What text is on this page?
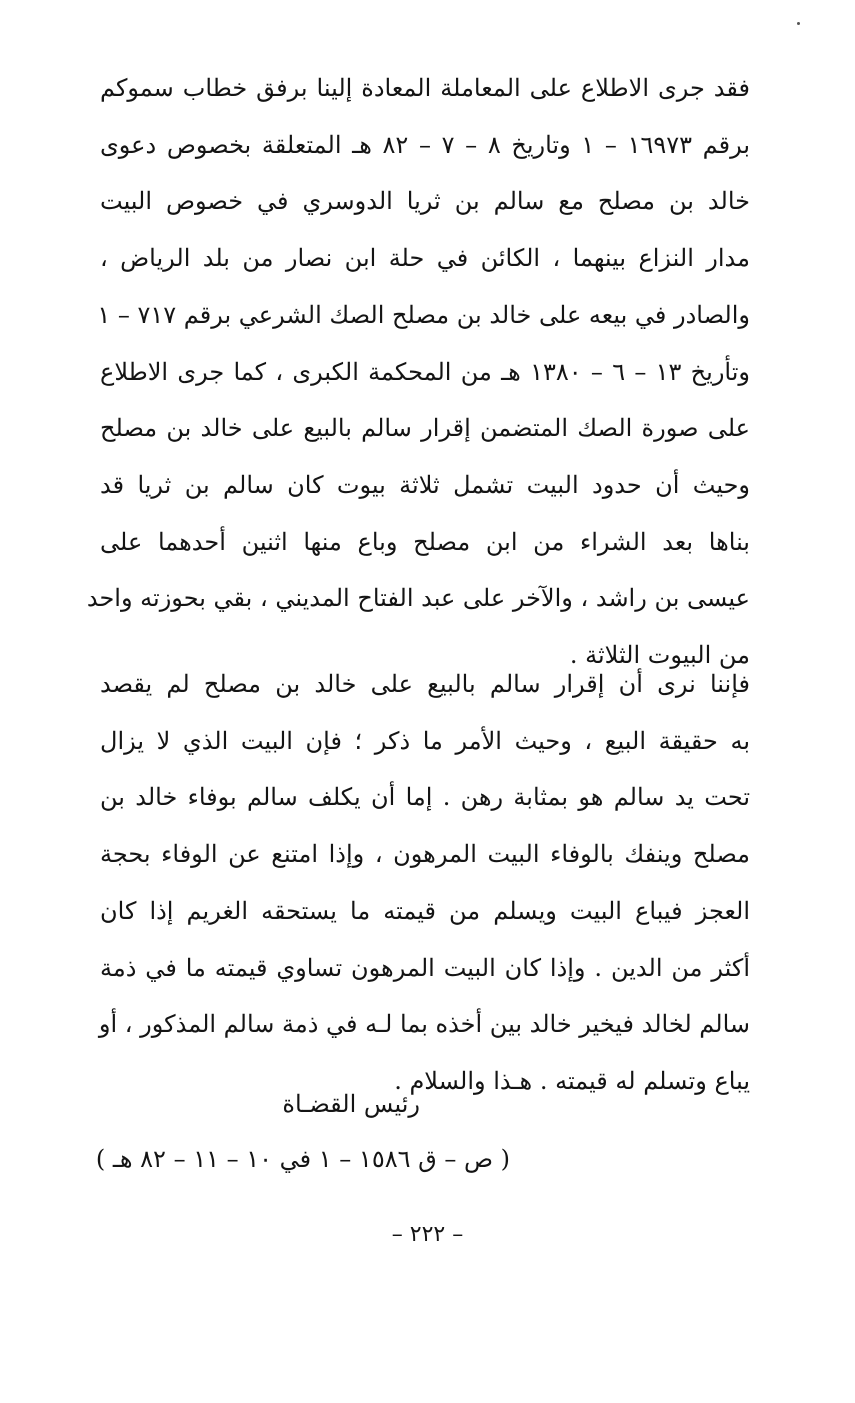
فقد جرى الاطلاع على المعاملة المعادة إلينا برفق خطاب سموكم
برقم ١٦٩٧٣ – ١ وتاريخ ٨ – ٧ – ٨٢ هـ المتعلقة بخصوص دعوى
خالد بن مصلح مع سالم بن ثريا الدوسري في خصوص البيت
مدار النزاع بينهما ، الكائن في حلة ابن نصار من بلد الرياض ،
والصادر في بيعه على خالد بن مصلح الصك الشرعي برقم ٧١٧ – ١
وتأريخ ١٣ – ٦ – ١٣٨٠ هـ من المحكمة الكبرى ، كما جرى الاطلاع
على صورة الصك المتضمن إقرار سالم بالبيع على خالد بن مصلح
وحيث أن حدود البيت تشمل ثلاثة بيوت كان سالم بن ثريا قد
بناها بعد الشراء من ابن مصلح وباع منها اثنين أحدهما على
عيسى بن راشد ، والآخر على عبد الفتاح المديني ، بقي بحوزته واحد
من البيوت الثلاثة .
فإننا نرى أن إقرار سالم بالبيع على خالد بن مصلح لم يقصد
به حقيقة البيع ، وحيث الأمر ما ذكر ؛ فإن البيت الذي لا يزال
تحت يد سالم هو بمثابة رهن . إما أن يكلف سالم بوفاء خالد بن
مصلح وينفك بالوفاء البيت المرهون ، وإذا امتنع عن الوفاء بحجة
العجز فيباع البيت ويسلم من قيمته ما يستحقه الغريم إذا كان
أكثر من الدين . وإذا كان البيت المرهون تساوي قيمته ما في ذمة
سالم لخالد فيخير خالد بين أخذه بما لـه في ذمة سالم المذكور ، أو
يباع وتسلم له قيمته . هـذا والسلام .
رئيس القضـاة
( ص – ق ١٥٨٦ – ١ في ١٠ – ١١ – ٨٢ هـ )
– ٢٢٢ –
